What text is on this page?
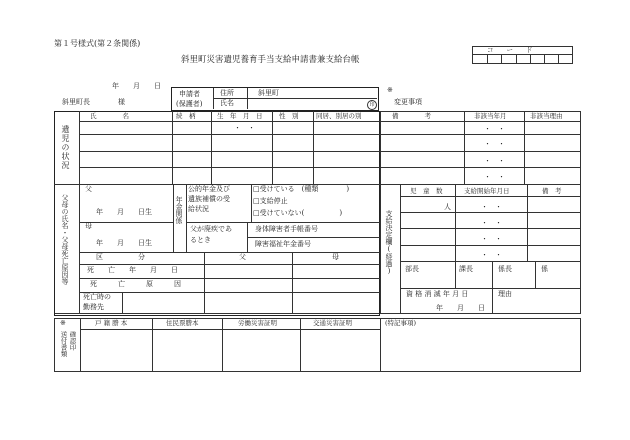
第１号様式(第２条関係)
斜里町災害遺児養育手当支給申請書兼支給台帳
コ　　ー　　ド
年　　月　　日
斜里町長　　　　様
申請者
(保護者)
住所	斜里町
氏名	印
※
変更事項
遺児の状況
氏　　　　名	続　柄	生　年　月　日	性　別	同居、別居の別	備　　　　考	非該当年月	非該当理由
・　・	・　・
・　・
・　・
・　・
父母の氏名・父母死亡原因等
父
年　　月　　日生
母
年　　月　　日生
年金関係
公的年金及び
遺族補償の受
給状況
□受けている　(種類　　　　)
□支給停止
□受けていない(　　　　　)
父が廃疾であ
るとき
身体障害者手帳番号
障害福祉年金番号
区　　　　　分	父	母
死　　亡　　年　　月　　日
死　　　亡　　　原　　　因
死亡時の
勤務先
支給決定欄(経過)
児　童　数	支給開始年月日	備　考
人	・　・
・　・
・　・
・　・
部長	課長	係長	係
資 格 消 滅 年 月 日	理由
年　　月　　日
※
送付書類 確認印
戸 籍 謄 本	住民票謄本	労働災害証明	交通災害証明	(特記事項)
